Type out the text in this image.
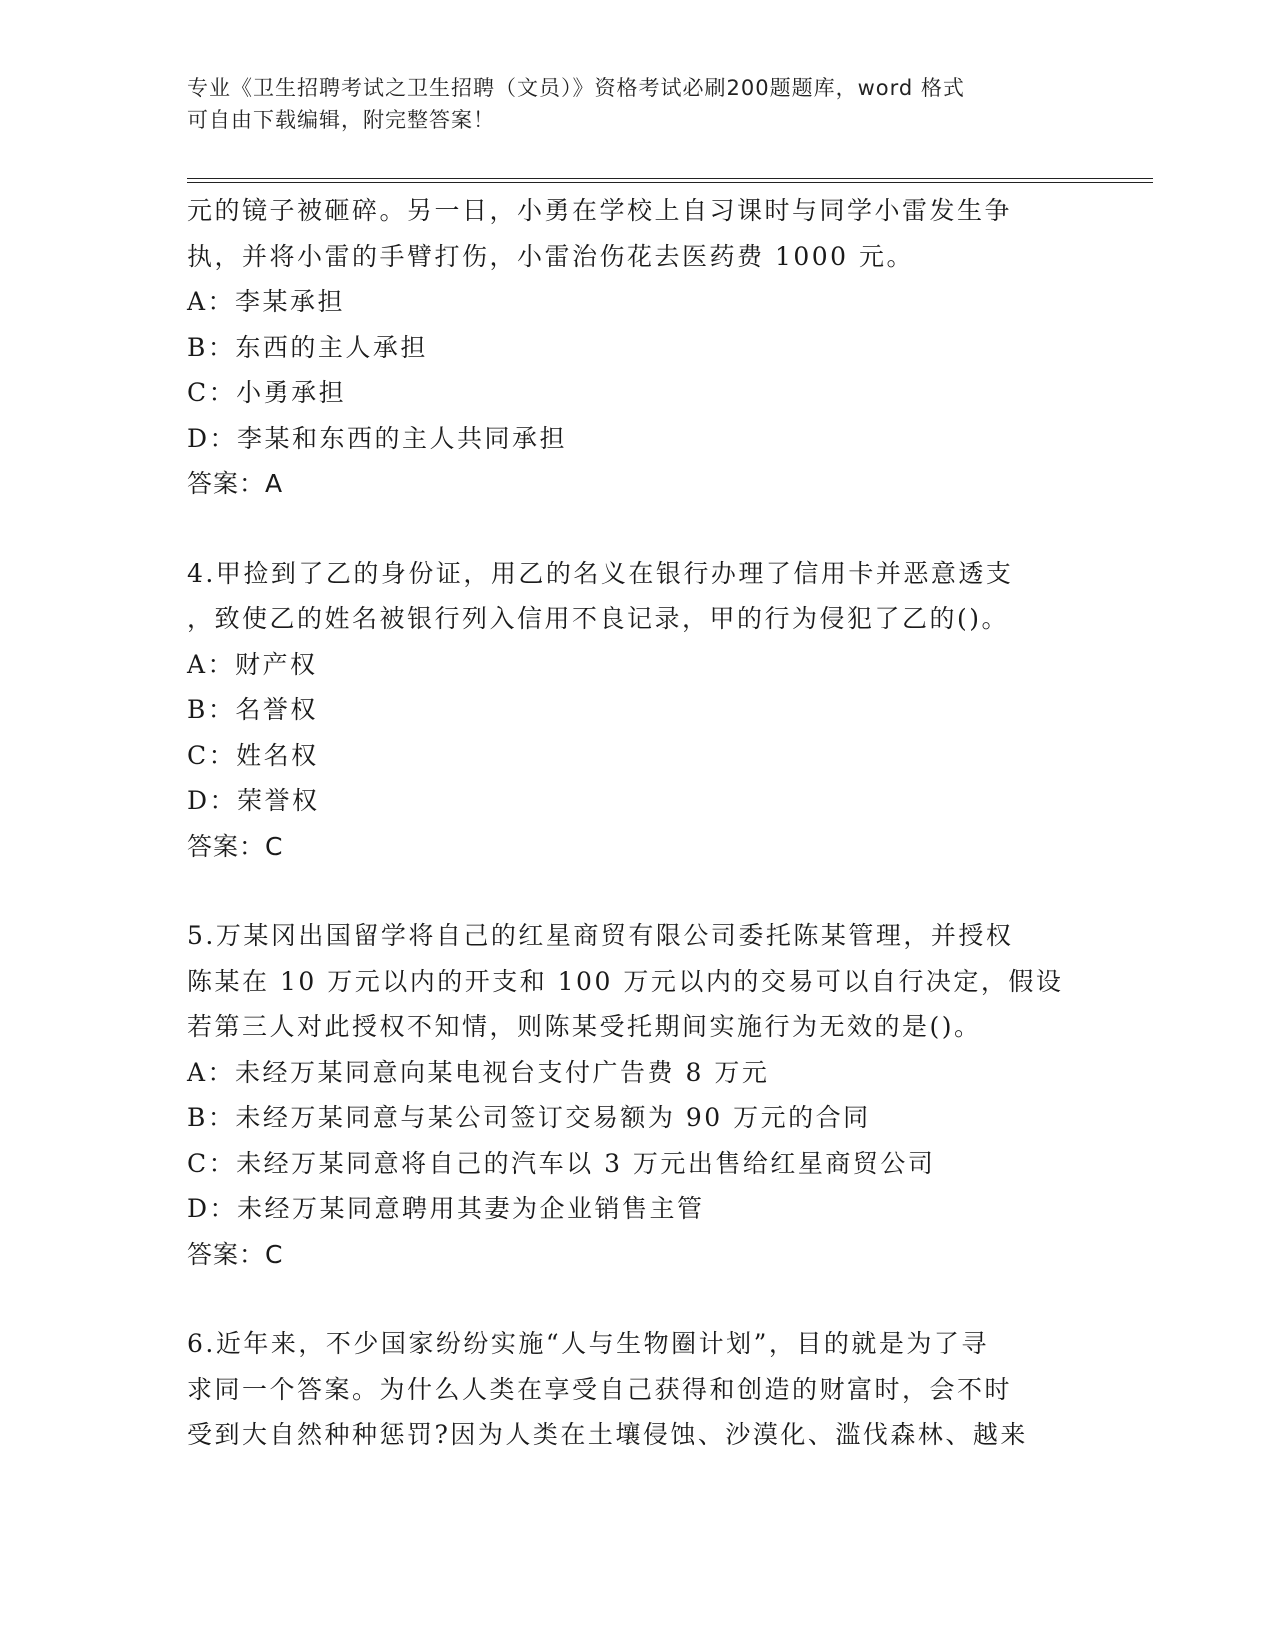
专业《卫生招聘考试之卫生招聘（文员）》资格考试必刷200题题库，word 格式
可自由下载编辑，附完整答案！
元的镜子被砸碎。另一日，小勇在学校上自习课时与同学小雷发生争
执，并将小雷的手臂打伤，小雷治伤花去医药费 1000 元。
A：李某承担
B：东西的主人承担
C：小勇承担
D：李某和东西的主人共同承担
答案：A
4.甲捡到了乙的身份证，用乙的名义在银行办理了信用卡并恶意透支
，致使乙的姓名被银行列入信用不良记录，甲的行为侵犯了乙的()。
A：财产权
B：名誉权
C：姓名权
D：荣誉权
答案：C
5.万某冈出国留学将自己的红星商贸有限公司委托陈某管理，并授权
陈某在 10 万元以内的开支和 100 万元以内的交易可以自行决定，假设
若第三人对此授权不知情，则陈某受托期间实施行为无效的是()。
A：未经万某同意向某电视台支付广告费 8 万元
B：未经万某同意与某公司签订交易额为 90 万元的合同
C：未经万某同意将自己的汽车以 3 万元出售给红星商贸公司
D：未经万某同意聘用其妻为企业销售主管
答案：C
6.近年来，不少国家纷纷实施“人与生物圈计划”，目的就是为了寻
求同一个答案。为什么人类在享受自己获得和创造的财富时，会不时
受到大自然种种惩罚?因为人类在土壤侵蚀、沙漠化、滥伐森林、越来
